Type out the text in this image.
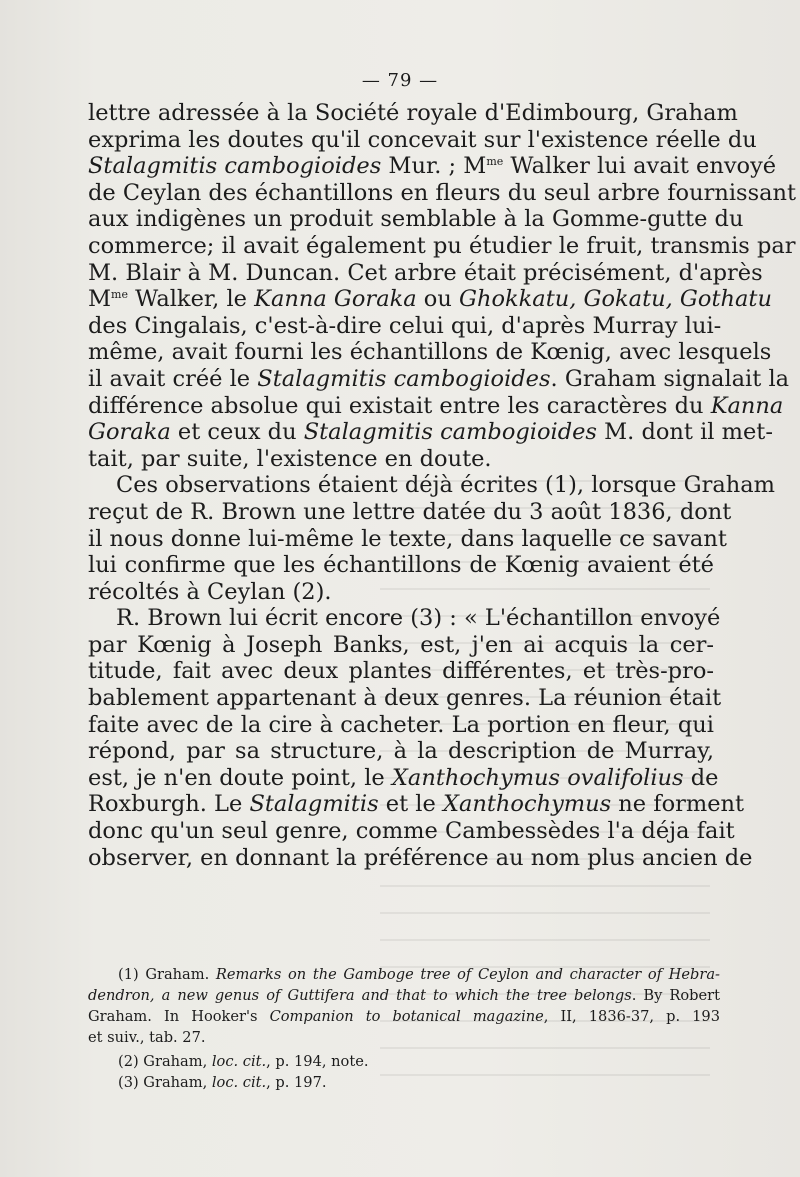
— 79 —
lettre adressée à la Société royale d'Edimbourg, Graham
exprima les doutes qu'il concevait sur l'existence réelle du
Stalagmitis cambogioides Mur. ; $M^{me}$ Walker lui avait envoyé
de Ceylan des échantillons en fleurs du seul arbre fournissant
aux indigènes un produit semblable à la Gomme-gutte du
commerce; il avait également pu étudier le fruit, transmis par
M. Blair à M. Duncan. Cet arbre était précisément, d'après
$M^{me}$ Walker, le Kanna Goraka ou Ghokkatu, Gokatu, Gothatu
des Cingalais, c'est-à-dire celui qui, d'après Murray lui-
même, avait fourni les échantillons de Kœnig, avec lesquels
il avait créé le Stalagmitis cambogioides. Graham signalait la
différence absolue qui existait entre les caractères du Kanna
Goraka et ceux du Stalagmitis cambogioides M. dont il met-
tait, par suite, l'existence en doute.
Ces observations étaient déjà écrites (1), lorsque Graham
reçut de R. Brown une lettre datée du 3 août 1836, dont
il nous donne lui-même le texte, dans laquelle ce savant
lui confirme que les échantillons de Kœnig avaient été
récoltés à Ceylan (2).
R. Brown lui écrit encore (3) : « L'échantillon envoyé
par Kœnig à Joseph Banks, est, j'en ai acquis la cer-
titude, fait avec deux plantes différentes, et très-pro-
bablement appartenant à deux genres. La réunion était
faite avec de la cire à cacheter. La portion en fleur, qui
répond, par sa structure, à la description de Murray,
est, je n'en doute point, le Xanthochymus ovalifolius de
Roxburgh. Le Stalagmitis et le Xanthochymus ne forment
donc qu'un seul genre, comme Cambessèdes l'a déja fait
observer, en donnant la préférence au nom plus ancien de
(1) Graham. Remarks on the Gamboge tree of Ceylon and character of Hebra-
dendron, a new genus of Guttifera and that to which the tree belongs. By Robert
Graham. In Hooker's Companion to botanical magazine, II, 1836-37, p. 193
et suiv., tab. 27.
(2) Graham, loc. cit., p. 194, note.
(3) Graham, loc. cit., p. 197.
